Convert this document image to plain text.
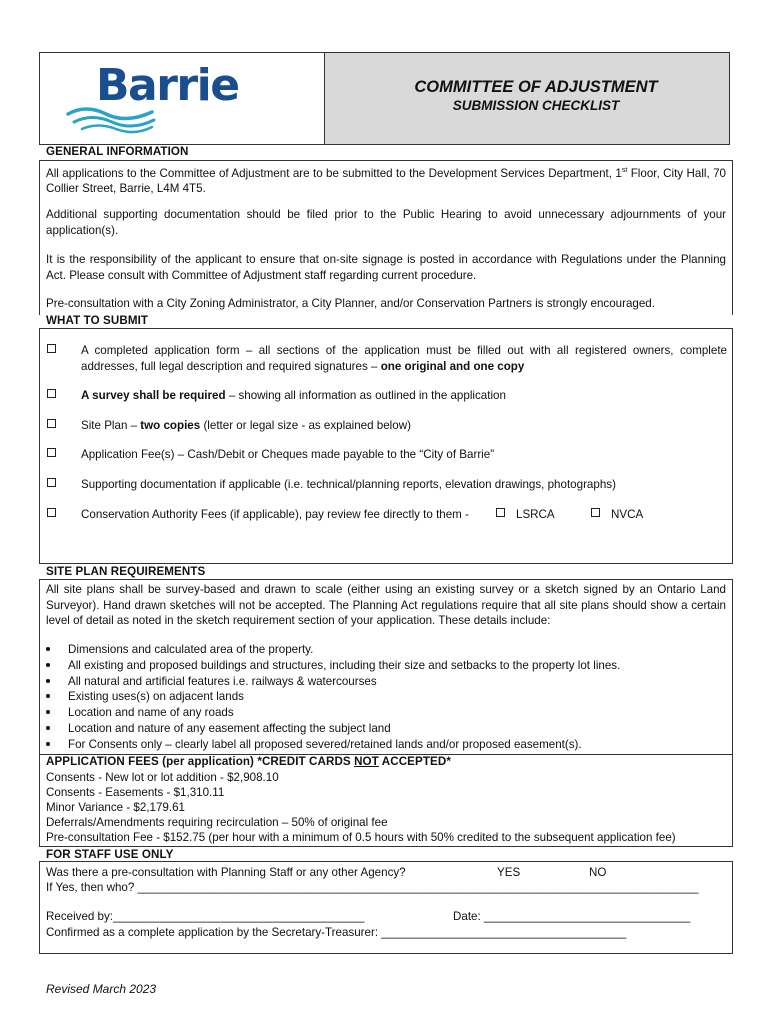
Barrie	COMMITTEE OF ADJUSTMENT
SUBMISSION CHECKLIST
GENERAL INFORMATION
All applications to the Committee of Adjustment are to be submitted to the Development Services Department, 1st Floor, City Hall, 70 Collier Street, Barrie, L4M 4T5.
Additional supporting documentation should be filed prior to the Public Hearing to avoid unnecessary adjournments of your application(s).
It is the responsibility of the applicant to ensure that on-site signage is posted in accordance with Regulations under the Planning Act. Please consult with Committee of Adjustment staff regarding current procedure.
Pre-consultation with a City Zoning Administrator, a City Planner, and/or Conservation Partners is strongly encouraged.
WHAT TO SUBMIT
A completed application form – all sections of the application must be filled out with all registered owners, complete addresses, full legal description and required signatures – one original and one copy
A survey shall be required – showing all information as outlined in the application
Site Plan – two copies (letter or legal size - as explained below)
Application Fee(s) – Cash/Debit or Cheques made payable to the “City of Barrie”
Supporting documentation if applicable (i.e. technical/planning reports, elevation drawings, photographs)
Conservation Authority Fees (if applicable), pay review fee directly to them -	LSRCA	NVCA
SITE PLAN REQUIREMENTS
All site plans shall be survey-based and drawn to scale (either using an existing survey or a sketch signed by an Ontario Land Surveyor). Hand drawn sketches will not be accepted. The Planning Act regulations require that all site plans should show a certain level of detail as noted in the sketch requirement section of your application. These details include:
Dimensions and calculated area of the property.
All existing and proposed buildings and structures, including their size and setbacks to the property lot lines.
All natural and artificial features i.e. railways & watercourses
Existing uses(s) on adjacent lands
Location and name of any roads
Location and nature of any easement affecting the subject land
For Consents only – clearly label all proposed severed/retained lands and/or proposed easement(s).
APPLICATION FEES (per application) *CREDIT CARDS NOT ACCEPTED*
Consents - New lot or lot addition - $2,908.10
Consents - Easements - $1,310.11
Minor Variance - $2,179.61
Deferrals/Amendments requiring recirculation – 50% of original fee
Pre-consultation Fee - $152.75 (per hour with a minimum of 0.5 hours with 50% credited to the subsequent application fee)
FOR STAFF USE ONLY
Was there a pre-consultation with Planning Staff or any other Agency?	YES	NO
If Yes, then who? _______________________________________________________________________________________
Received by:_______________________________________	Date: ________________________________
Confirmed as a complete application by the Secretary-Treasurer: ______________________________________
Revised March 2023
